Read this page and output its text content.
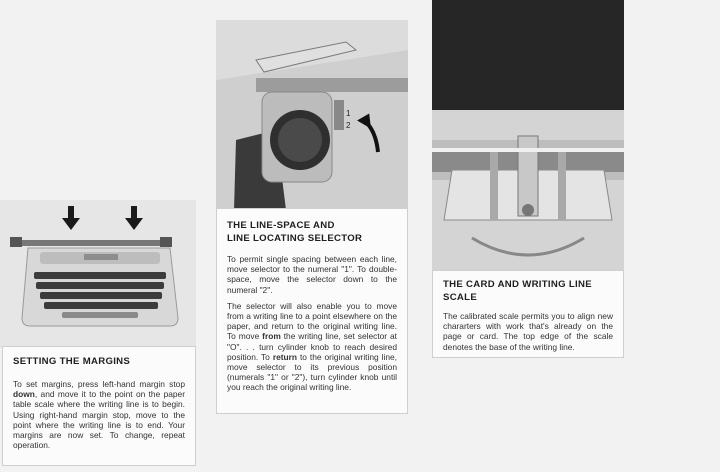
SETTING THE MARGINS
To set margins, press left-hand margin stop down, and move it to the point on the paper table scale where the writing line is to begin. Using right-hand margin stop, move to the point where the writing line is to end. Your margins are now set. To change, repeat operation.
2
1
THE LINE-SPACE AND
LINE LOCATING SELECTOR

To permit single spacing between each line, move selector to the numeral "1". To double-space, move the selector down to the numeral "2".

The selector will also enable you to move from a writing line to a point elsewhere on the paper, and return to the original writing line. To move from the writing line, set selector at "O". . . turn cylinder knob to reach desired position. To return to the original writing line, move selector to its previous position (numerals "1" or "2"), turn cylinder knob until you reach the original writing line.

THE CARD AND WRITING LINE SCALE
The calibrated scale permits you to align new chararters with work that's already on the page or card. The top edge of the scale denotes the base of the writing line.
